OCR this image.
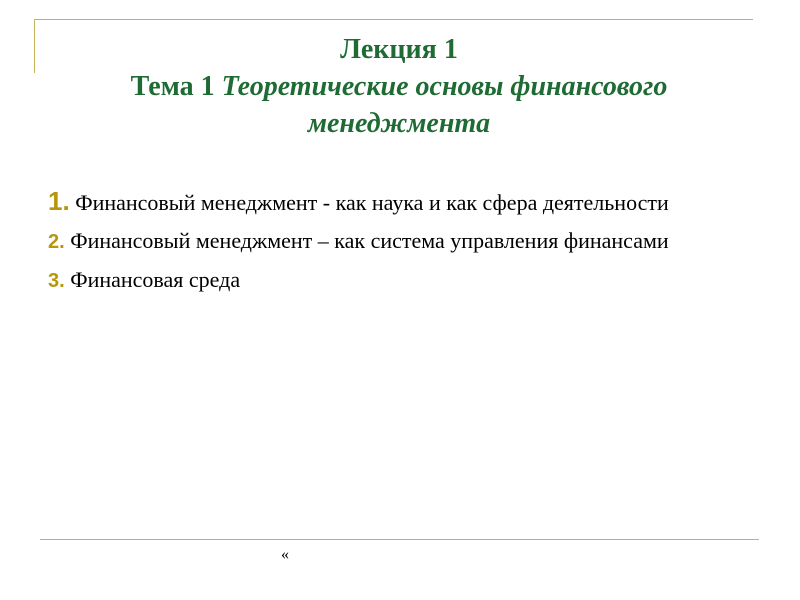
Лекция 1
Тема 1 Теоретические основы финансового менеджмента
1. Финансовый менеджмент - как наука и как сфера деятельности
2. Финансовый менеджмент – как система управления финансами
3. Финансовая среда
«
